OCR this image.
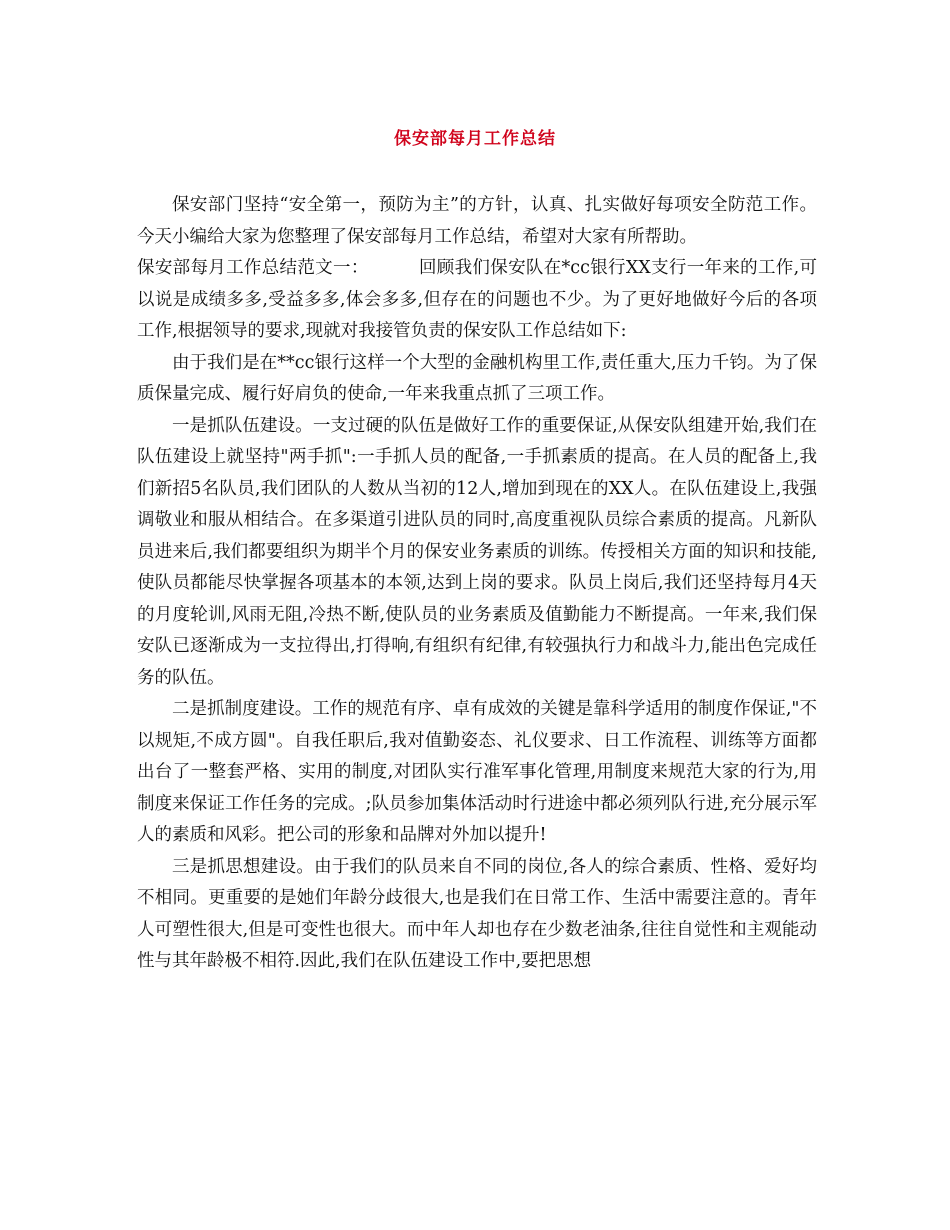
保安部每月工作总结

保安部门坚持“安全第一，预防为主”的方针，认真、扎实做好每项安全防范工作。今天小编给大家为您整理了保安部每月工作总结，希望对大家有所帮助。

保安部每月工作总结范文一：	回顾我们保安队在*cc银行XX支行一年来的工作,可以说是成绩多多,受益多多,体会多多,但存在的问题也不少。为了更好地做好今后的各项工作,根据领导的要求,现就对我接管负责的保安队工作总结如下:

由于我们是在**cc银行这样一个大型的金融机构里工作,责任重大,压力千钧。为了保质保量完成、履行好肩负的使命,一年来我重点抓了三项工作。

一是抓队伍建设。一支过硬的队伍是做好工作的重要保证,从保安队组建开始,我们在队伍建设上就坚持"两手抓":一手抓人员的配备,一手抓素质的提高。在人员的配备上,我们新招5名队员,我们团队的人数从当初的12人,增加到现在的XX人。在队伍建设上,我强调敬业和服从相结合。在多渠道引进队员的同时,高度重视队员综合素质的提高。凡新队员进来后,我们都要组织为期半个月的保安业务素质的训练。传授相关方面的知识和技能,使队员都能尽快掌握各项基本的本领,达到上岗的要求。队员上岗后,我们还坚持每月4天的月度轮训,风雨无阻,冷热不断,使队员的业务素质及值勤能力不断提高。一年来,我们保安队已逐渐成为一支拉得出,打得响,有组织有纪律,有较强执行力和战斗力,能出色完成任务的队伍。

二是抓制度建设。工作的规范有序、卓有成效的关键是靠科学适用的制度作保证,"不以规矩,不成方圆"。自我任职后,我对值勤姿态、礼仪要求、日工作流程、训练等方面都出台了一整套严格、实用的制度,对团队实行准军事化管理,用制度来规范大家的行为,用制度来保证工作任务的完成。;队员参加集体活动时行进途中都必须列队行进,充分展示军人的素质和风彩。把公司的形象和品牌对外加以提升!

三是抓思想建设。由于我们的队员来自不同的岗位,各人的综合素质、性格、爱好均不相同。更重要的是她们年龄分歧很大,也是我们在日常工作、生活中需要注意的。青年人可塑性很大,但是可变性也很大。而中年人却也存在少数老油条,往往自觉性和主观能动性与其年龄极不相符.因此,我们在队伍建设工作中,要把思想
